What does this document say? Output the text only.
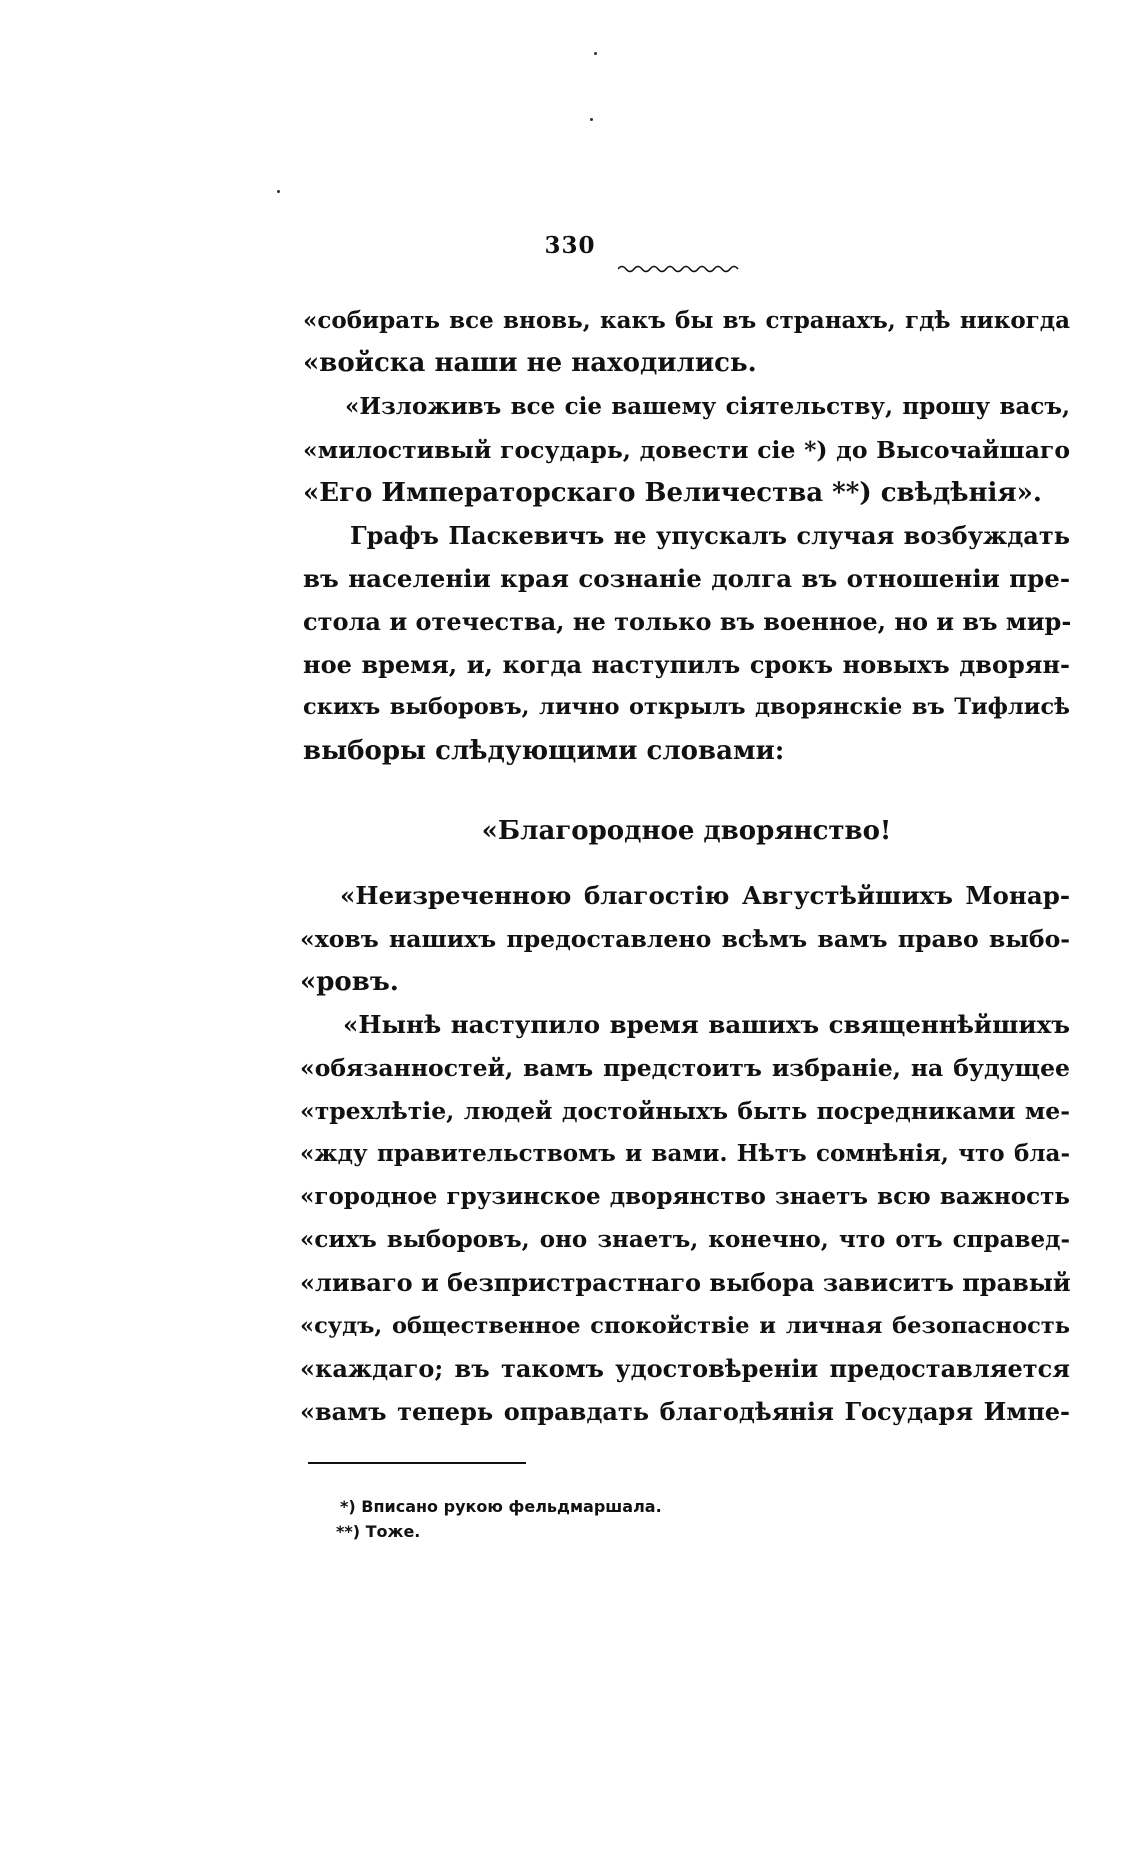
330
«собирать все вновь, какъ бы въ странахъ, гдѣ никогда
«войска наши не находились.
«Изложивъ все сіе вашему сіятельству, прошу васъ,
«милостивый государь, довести сіе *) до Высочайшаго
«Его Императорскаго Величества **) свѣдѣнія».
Графъ Паскевичъ не упускалъ случая возбуждать
въ населеніи края сознаніе долга въ отношеніи пре-
стола и отечества, не только въ военное, но и въ мир-
ное время, и, когда наступилъ срокъ новыхъ дворян-
скихъ выборовъ, лично открылъ дворянскіе въ Тифлисѣ
выборы слѣдующими словами:
«Благородное дворянство!
«Неизреченною благостію Августѣйшихъ Монар-
«ховъ нашихъ предоставлено всѣмъ вамъ право выбо-
«ровъ.
«Нынѣ наступило время вашихъ священнѣйшихъ
«обязанностей, вамъ предстоитъ избраніе, на будущее
«трехлѣтіе, людей достойныхъ быть посредниками ме-
«жду правительствомъ и вами. Нѣтъ сомнѣнія, что бла-
«городное грузинское дворянство знаетъ всю важность
«сихъ выборовъ, оно знаетъ, конечно, что отъ справед-
«ливаго и безпристрастнаго выбора зависитъ правый
«судъ, общественное спокойствіе и личная безопасность
«каждаго; въ такомъ удостовѣреніи предоставляется
«вамъ теперь оправдать благодѣянія Государя Импе-
*) Вписано рукою фельдмаршала.
**) Тоже.
